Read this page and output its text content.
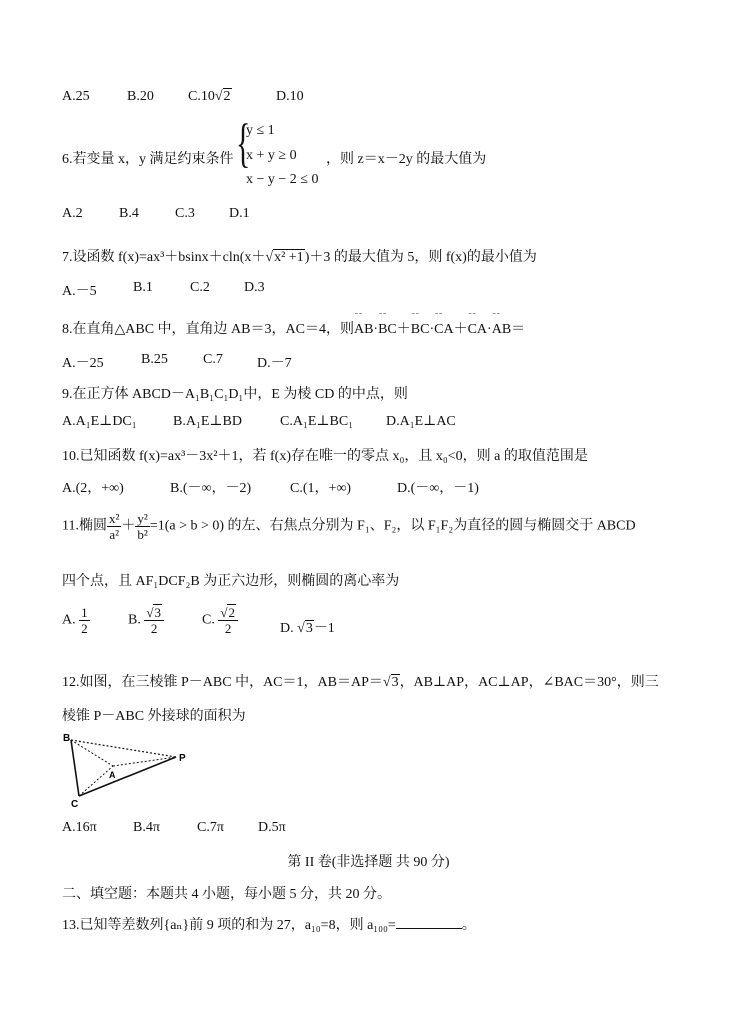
A.25	B.20 C.10√2	D.10
6.若变量 x，y 满足约束条件 {
y ≤ 1
x + y ≥ 0
x − y − 2 ≤ 0
，则 z＝x－2y 的最大值为
A.2	B.4	C.3 D.1
7.设函数 f(x)=ax³＋bsinx＋cln(x＋√x² +1)＋3 的最大值为 5，则 f(x)的最小值为
A.－5	B.1	C.2 D.3
8.在直角△ABC 中，直角边 AB＝3，AC＝4，则ˉˉ AB·ˉˉ BC＋ˉˉ BC·ˉˉ CA＋ˉˉ CA·ˉˉ AB＝
A.－25	B.25	C.7 D.－7
9.在正方体 ABCD－A₁B₁C₁D₁中，E 为棱 CD 的中点，则
A.A₁E⊥DC₁	B.A₁E⊥BD	C.A₁E⊥BC₁ D.A₁E⊥AC
10.已知函数 f(x)=ax³－3x²＋1，若 f(x)存在唯一的零点 x₀，且 x₀<0，则 a 的取值范围是
A.(2，+∞)	B.(－∞，－2)	C.(1，+∞)	D.(－∞，－1)
11.椭圆 $\frac{\text{x²}}{\text{a²}} + \frac{\text{y²}}{\text{b²}} =1(a > b > 0)$ 的左、右焦点分别为 F₁、F₂，以 F₁F₂为直径的圆与椭圆交于 ABCD
四个点，且 AF₁DCF₂B 为正六边形，则椭圆的离心率为
A. $\frac{1}{2}$	B. $\frac{√3}{2}$	C. $\frac{√2}{2}$	D. √3－1
12.如图，在三棱锥 P－ABC 中，AC＝1，AB＝AP＝√3，AB⊥AP，AC⊥AP，∠BAC＝30°，则三
棱锥 P－ABC 外接球的面积为
B
P
A
C
A.16π	B.4π	C.7π D.5π
第 II 卷(非选择题 共 90 分)
二、填空题：本题共 4 小题，每小题 5 分，共 20 分。
13.已知等差数列{aₙ}前 9 项的和为 27，a₁₀=8，则 a₁₀₀=	。
